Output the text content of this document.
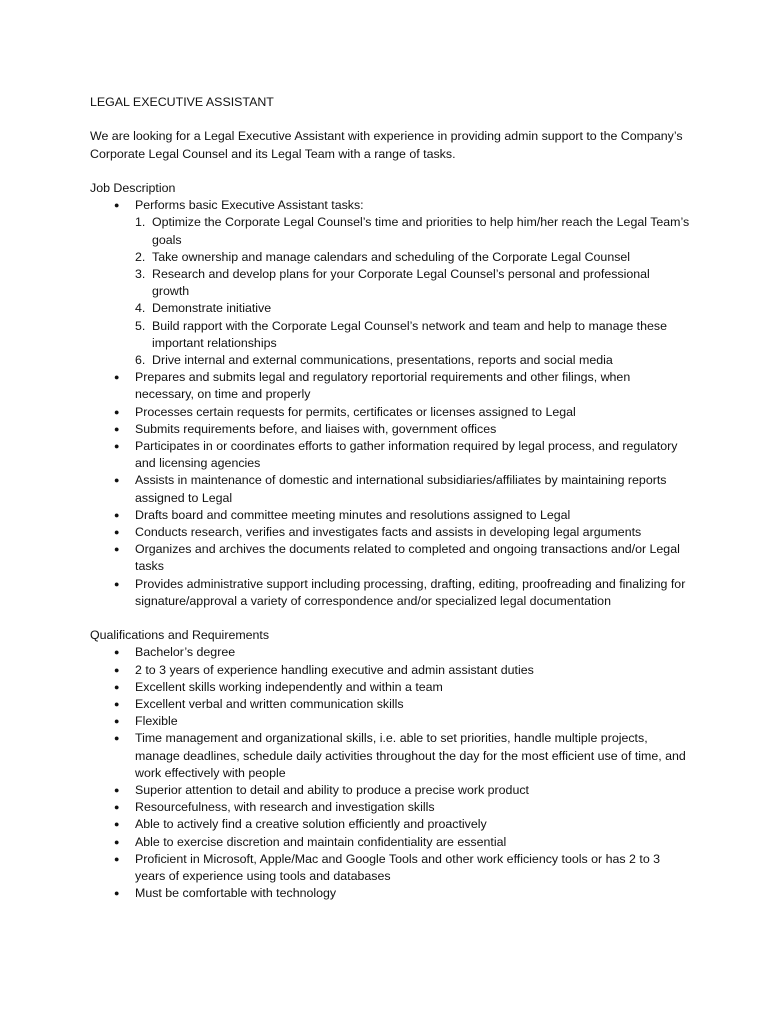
LEGAL EXECUTIVE ASSISTANT
We are looking for a Legal Executive Assistant with experience in providing admin support to the Company’s Corporate Legal Counsel and its Legal Team with a range of tasks.
Job Description
● Performs basic Executive Assistant tasks:
1. Optimize the Corporate Legal Counsel’s time and priorities to help him/her reach the Legal Team’s goals
2. Take ownership and manage calendars and scheduling of the Corporate Legal Counsel
3. Research and develop plans for your Corporate Legal Counsel’s personal and professional growth
4. Demonstrate initiative
5. Build rapport with the Corporate Legal Counsel’s network and team and help to manage these important relationships
6. Drive internal and external communications, presentations, reports and social media
● Prepares and submits legal and regulatory reportorial requirements and other filings, when necessary, on time and properly
● Processes certain requests for permits, certificates or licenses assigned to Legal
● Submits requirements before, and liaises with, government offices
● Participates in or coordinates efforts to gather information required by legal process, and regulatory and licensing agencies
● Assists in maintenance of domestic and international subsidiaries/affiliates by maintaining reports assigned to Legal
● Drafts board and committee meeting minutes and resolutions assigned to Legal
● Conducts research, verifies and investigates facts and assists in developing legal arguments
● Organizes and archives the documents related to completed and ongoing transactions and/or Legal tasks
● Provides administrative support including processing, drafting, editing, proofreading and finalizing for signature/approval a variety of correspondence and/or specialized legal documentation
Qualifications and Requirements
● Bachelor’s degree
● 2 to 3 years of experience handling executive and admin assistant duties
● Excellent skills working independently and within a team
● Excellent verbal and written communication skills
● Flexible
● Time management and organizational skills, i.e. able to set priorities, handle multiple projects, manage deadlines, schedule daily activities throughout the day for the most efficient use of time, and work effectively with people
● Superior attention to detail and ability to produce a precise work product
● Resourcefulness, with research and investigation skills
● Able to actively find a creative solution efficiently and proactively
● Able to exercise discretion and maintain confidentiality are essential
● Proficient in Microsoft, Apple/Mac and Google Tools and other work efficiency tools or has 2 to 3 years of experience using tools and databases
● Must be comfortable with technology
